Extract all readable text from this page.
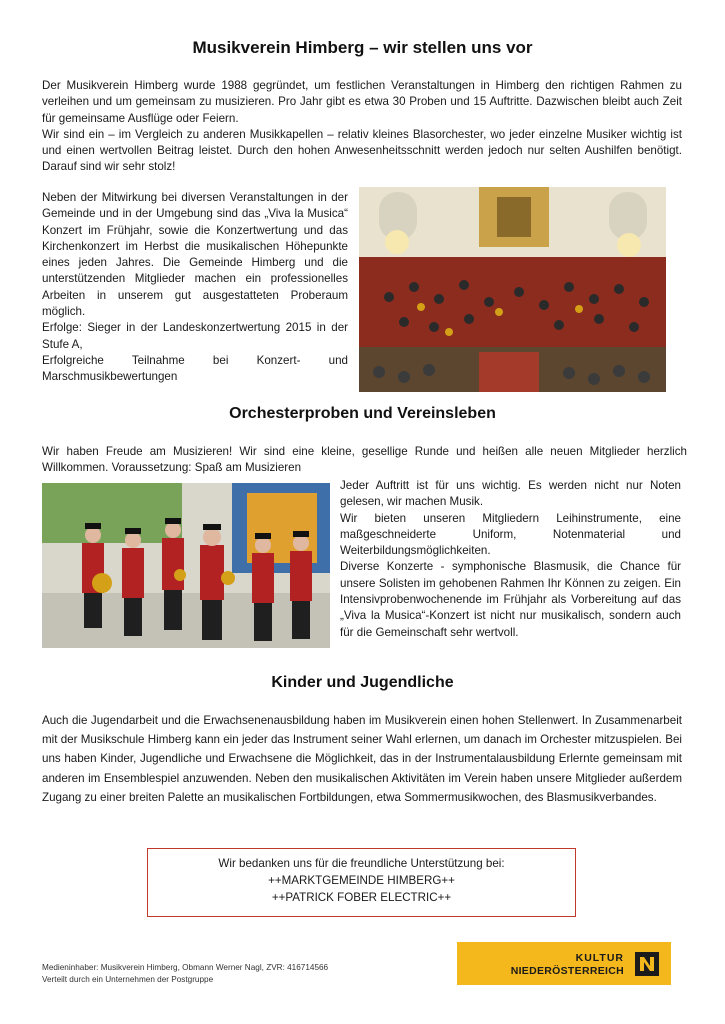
Musikverein Himberg – wir stellen uns vor

Der Musikverein Himberg wurde 1988 gegründet, um festlichen Veranstaltungen in Himberg den richtigen Rahmen zu verleihen und um gemeinsam zu musizieren. Pro Jahr gibt es etwa 30 Proben und 15 Auftritte. Dazwischen bleibt auch Zeit für gemeinsame Ausflüge oder Feiern.

Wir sind ein – im Vergleich zu anderen Musikkapellen – relativ kleines Blasorchester, wo jeder einzelne Musiker wichtig ist und einen wertvollen Beitrag leistet. Durch den hohen Anwesenheitsschnitt werden jedoch nur selten Aushilfen benötigt. Darauf sind wir sehr stolz!

Neben der Mitwirkung bei diversen Veranstaltungen in der Gemeinde und in der Umgebung sind das „Viva la Musica“ Konzert im Frühjahr, sowie die Konzertwertung und das Kirchenkonzert im Herbst die musikalischen Höhepunkte eines jeden Jahres. Die Gemeinde Himberg und die unterstützenden Mitglieder machen ein professionelles Arbeiten in unserem gut ausgestatteten Proberaum möglich.

Erfolge: Sieger in der Landeskonzertwertung 2015 in der Stufe A,

Erfolgreiche Teilnahme bei Konzert- und Marschmusikbewertungen

Orchesterproben und Vereinsleben

Wir haben Freude am Musizieren! Wir sind eine kleine, gesellige Runde und heißen alle neuen Mitglieder herzlich Willkommen. Voraussetzung: Spaß am Musizieren

Jeder Auftritt ist für uns wichtig. Es werden nicht nur Noten gelesen, wir machen Musik.

Wir bieten unseren Mitgliedern Leihinstrumente, eine maßgeschneiderte Uniform, Notenmaterial und Weiterbildungsmöglichkeiten.

Diverse Konzerte - symphonische Blasmusik, die Chance für unsere Solisten im gehobenen Rahmen Ihr Können zu zeigen. Ein Intensivprobenwochenende im Frühjahr als Vorbereitung auf das „Viva la Musica“-Konzert ist nicht nur musikalisch, sondern auch für die Gemeinschaft sehr wertvoll.

Kinder und Jugendliche

Auch die Jugendarbeit und die Erwachsenenausbildung haben im Musikverein einen hohen Stellenwert. In Zusammenarbeit mit der Musikschule Himberg kann ein jeder das Instrument seiner Wahl erlernen, um danach im Orchester mitzuspielen. Bei uns haben Kinder, Jugendliche und Erwachsene die Möglichkeit, das in der Instrumentalausbildung Erlernte gemeinsam mit anderen im Ensemblespiel anzuwenden. Neben den musikalischen Aktivitäten im Verein haben unsere Mitglieder außerdem Zugang zu einer breiten Palette an musikalischen Fortbildungen, etwa Sommermusikwochen, des Blasmusikverbandes.

Wir bedanken uns für die freundliche Unterstützung bei:
++MARKTGEMEINDE HIMBERG++
++PATRICK FOBER ELECTRIC++
Medieninhaber: Musikverein Himberg, Obmann Werner Nagl, ZVR: 416714566
Verteilt durch ein Unternehmen der Postgruppe
KULTUR
NIEDERÖSTERREICH
